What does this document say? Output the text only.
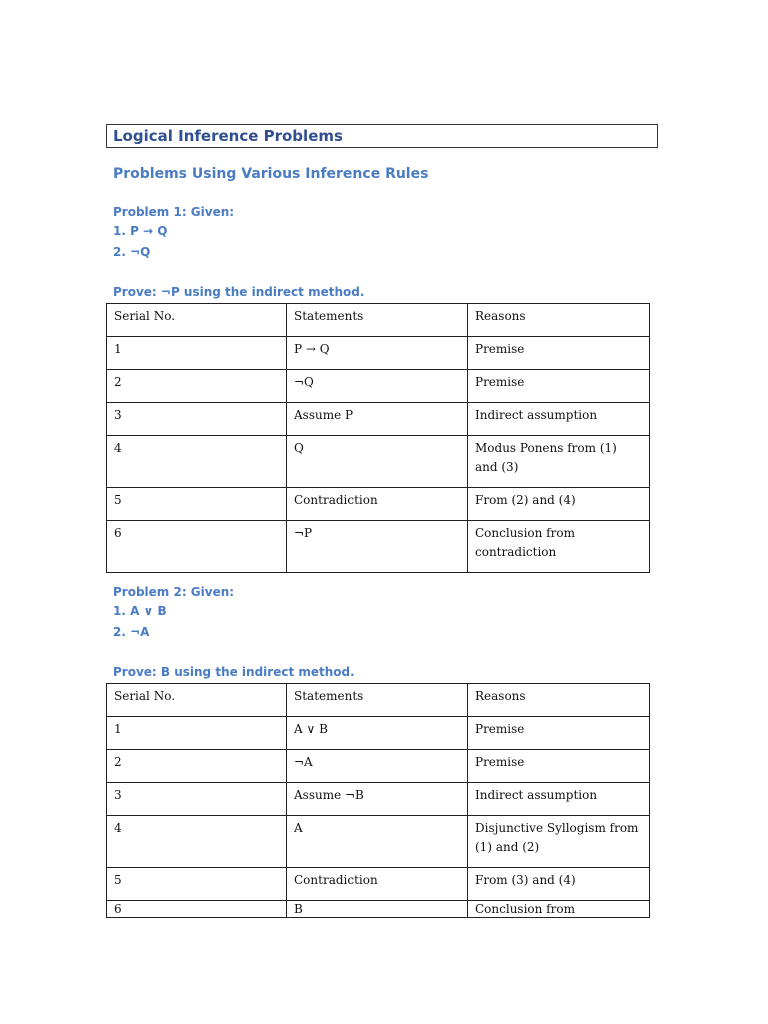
Logical Inference Problems
Problems Using Various Inference Rules
Problem 1: Given:
1. P → Q
2. ¬Q
Prove: ¬P using the indirect method.
Serial No.	Statements	Reasons
1	P → Q	Premise
2	¬Q	Premise
3	Assume P	Indirect assumption
4	Q	Modus Ponens from (1) and (3)
5	Contradiction	From (2) and (4)
6	¬P	Conclusion from contradiction
Problem 2: Given:
1. A ∨ B
2. ¬A
Prove: B using the indirect method.
Serial No.	Statements	Reasons
1	A ∨ B	Premise
2	¬A	Premise
3	Assume ¬B	Indirect assumption
4	A	Disjunctive Syllogism from (1) and (2)
5	Contradiction	From (3) and (4)
6	B	Conclusion from
